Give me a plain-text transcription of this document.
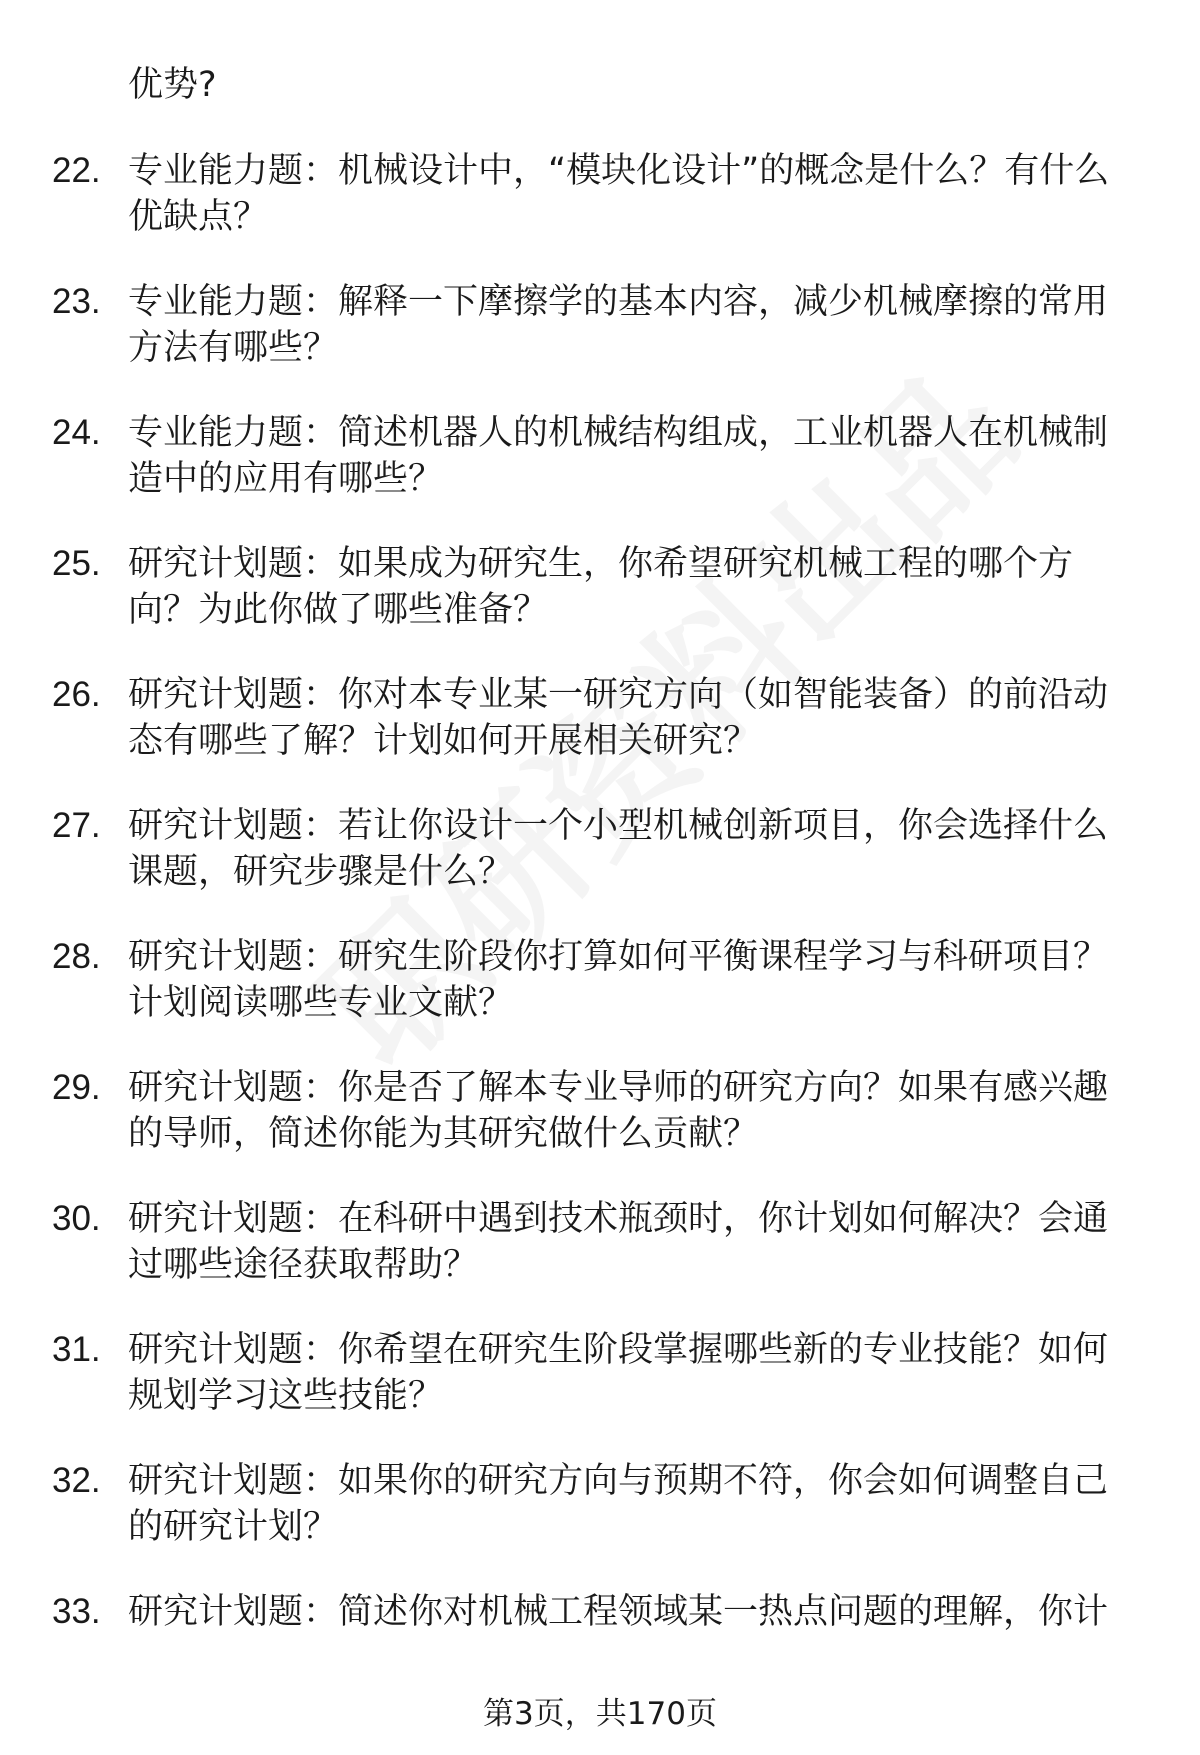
优势?
22. 专业能力题：机械设计中，“模块化设计”的概念是什么？有什么优缺点？
23. 专业能力题：解释一下摩擦学的基本内容，减少机械摩擦的常用方法有哪些？
24. 专业能力题：简述机器人的机械结构组成，工业机器人在机械制造中的应用有哪些？
25. 研究计划题：如果成为研究生，你希望研究机械工程的哪个方向？为此你做了哪些准备？
26. 研究计划题：你对本专业某一研究方向（如智能装备）的前沿动态有哪些了解？计划如何开展相关研究？
27. 研究计划题：若让你设计一个小型机械创新项目，你会选择什么课题，研究步骤是什么？
28. 研究计划题：研究生阶段你打算如何平衡课程学习与科研项目？计划阅读哪些专业文献？
29. 研究计划题：你是否了解本专业导师的研究方向？如果有感兴趣的导师，简述你能为其研究做什么贡献？
30. 研究计划题：在科研中遇到技术瓶颈时，你计划如何解决？会通过哪些途径获取帮助？
31. 研究计划题：你希望在研究生阶段掌握哪些新的专业技能？如何规划学习这些技能？
32. 研究计划题：如果你的研究方向与预期不符，你会如何调整自己的研究计划？
33. 研究计划题：简述你对机械工程领域某一热点问题的理解，你计
第3页，共170页
